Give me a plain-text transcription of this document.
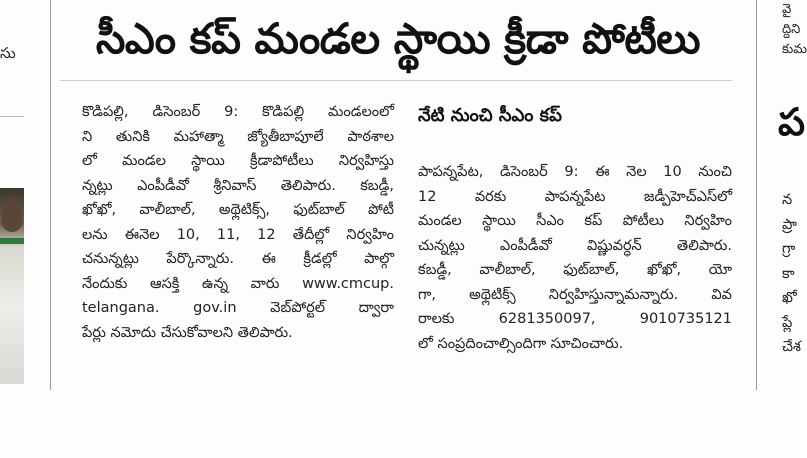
సు	సీఎం కప్ మండల స్థాయి క్రీడా పోటీలు
కొడిపల్లి, డిసెంబర్ 9: కొడిపల్లి మండలంలో
ని తునికి మహాత్మా జ్యోతీబాపూలే పాఠశాల
లో మండల స్థాయి క్రీడాపోటీలు నిర్వహిస్తు
న్నట్లు ఎంపీడీవో శ్రీనివాస్ తెలిపారు. కబడ్డీ,
ఖోఖో, వాలీబాల్, అథ్లెటిక్స్, ఫుట్‌బాల్ పోటీ
లను ఈనెల 10, 11, 12 తేదీల్లో నిర్వహిం
చనున్నట్లు పేర్కొన్నారు. ఈ క్రీడల్లో పాల్గొ
నేందుకు ఆసక్తి ఉన్న వారు www.cmcup.
telangana. gov.in వెబ్‌పోర్టల్ ద్వారా
పేర్లు నమోదు చేసుకోవాలని తెలిపారు.
నేటి నుంచి సీఎం కప్
పాపన్నపేట, డిసెంబర్ 9: ఈ నెల 10 నుంచి
12 వరకు పాపన్నపేట జడ్పీహెచ్ఎస్‌లో
మండల స్థాయి సీఎం కప్ పోటీలు నిర్వహిం
చున్నట్లు ఎంపీడీవో విష్ణువర్ధన్ తెలిపారు.
కబడ్డీ, వాలీబాల్, ఫుట్‌బాల్, ఖోఖో, యో
గా, అథ్లెటిక్స్ నిర్వహిస్తున్నామన్నారు. వివ
రాలకు 6281350097, 9010735121
లో సంప్రదించాల్సిందిగా సూచించారు.
వై
ద్దిని
కుమ
ప
న
ప్రా
గ్రా
కా
ఖో
ప్లే
చేశ
